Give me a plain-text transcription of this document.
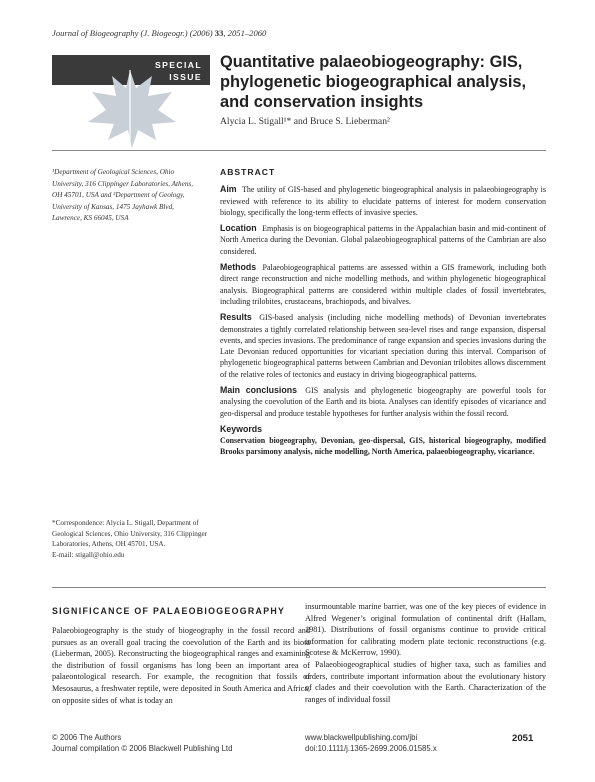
Journal of Biogeography (J. Biogeogr.) (2006) 33, 2051–2060
SPECIAL
ISSUE
Quantitative palaeobiogeography: GIS, phylogenetic biogeographical analysis, and conservation insights
Alycia L. Stigall¹* and Bruce S. Lieberman²
¹Department of Geological Sciences, Ohio University, 316 Clippinger Laboratories, Athens, OH 45701, USA and ²Department of Geology, University of Kansas, 1475 Jayhawk Blvd, Lawrence, KS 66045, USA
*Correspondence: Alycia L. Stigall, Department of Geological Sciences, Ohio University, 316 Clippinger Laboratories, Athens, OH 45701, USA.
E-mail: stigall@ohio.edu
ABSTRACT
Aim The utility of GIS-based and phylogenetic biogeographical analysis in palaeobiogeography is reviewed with reference to its ability to elucidate patterns of interest for modern conservation biology, specifically the long-term effects of invasive species.
Location Emphasis is on biogeographical patterns in the Appalachian basin and mid-continent of North America during the Devonian. Global palaeobiogeographical patterns of the Cambrian are also considered.
Methods Palaeobiogeographical patterns are assessed within a GIS framework, including both direct range reconstruction and niche modelling methods, and within phylogenetic biogeographical analysis. Biogeographical patterns are considered within multiple clades of fossil invertebrates, including trilobites, crustaceans, brachiopods, and bivalves.
Results GIS-based analysis (including niche modelling methods) of Devonian invertebrates demonstrates a tightly correlated relationship between sea-level rises and range expansion, dispersal events, and species invasions. The predominance of range expansion and species invasions during the Late Devonian reduced opportunities for vicariant speciation during this interval. Comparison of phylogenetic biogeographical patterns between Cambrian and Devonian trilobites allows discernment of the relative roles of tectonics and eustacy in driving biogeographical patterns.
Main conclusions GIS analysis and phylogenetic biogeography are powerful tools for analysing the coevolution of the Earth and its biota. Analyses can identify episodes of vicariance and geo-dispersal and produce testable hypotheses for further analysis within the fossil record.
Keywords
Conservation biogeography, Devonian, geo-dispersal, GIS, historical biogeography, modified Brooks parsimony analysis, niche modelling, North America, palaeobiogeography, vicariance.
SIGNIFICANCE OF PALAEOBIOGEOGRAPHY

Palaeobiogeography is the study of biogeography in the fossil record and pursues as an overall goal tracing the coevolution of the Earth and its biota (Lieberman, 2005). Reconstructing the biogeographical ranges and examining the distribution of fossil organisms has long been an important area of palaeontological research. For example, the recognition that fossils of Mesosaurus, a freshwater reptile, were deposited in South America and Africa, on opposite sides of what is today an

insurmountable marine barrier, was one of the key pieces of evidence in Alfred Wegener’s original formulation of continental drift (Hallam, 1981). Distributions of fossil organisms continue to provide critical information for calibrating modern plate tectonic reconstructions (e.g. Scotese & McKerrow, 1990).

Palaeobiogeographical studies of higher taxa, such as families and orders, contribute important information about the evolutionary history of clades and their coevolution with the Earth. Characterization of the ranges of individual fossil

© 2006 The Authors
Journal compilation © 2006 Blackwell Publishing Ltd
www.blackwellpublishing.com/jbi
doi:10.1111/j.1365-2699.2006.01585.x
2051
